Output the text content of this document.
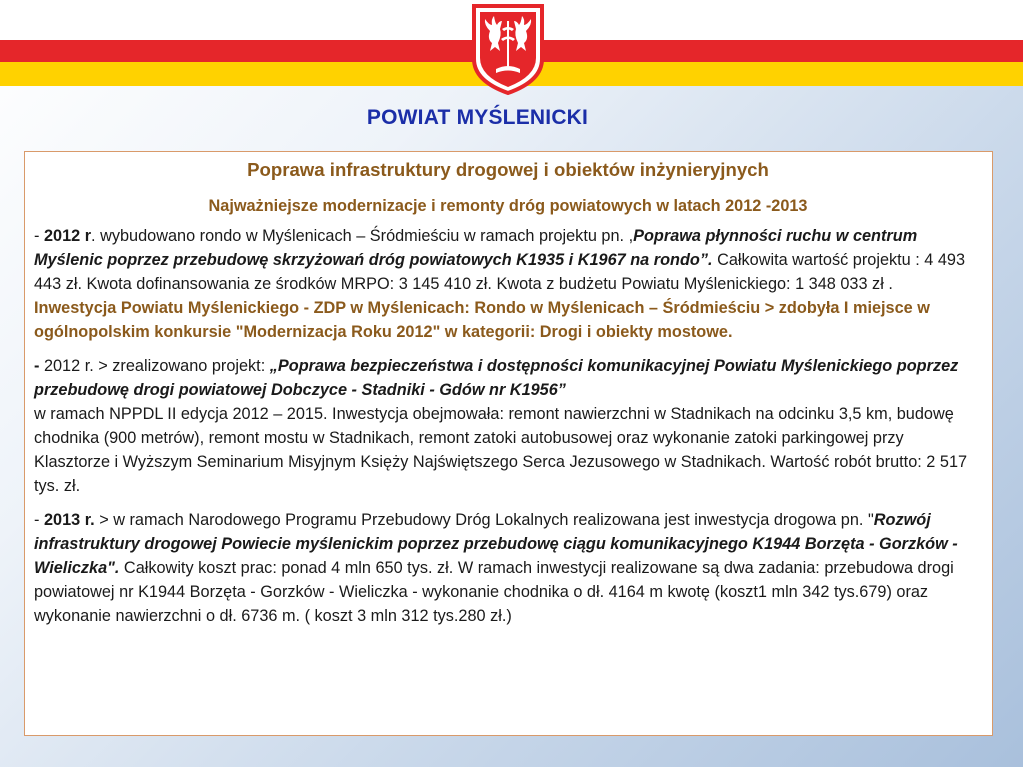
POWIAT MYŚLENICKI
Poprawa infrastruktury drogowej i obiektów inżynieryjnych
Najważniejsze modernizacje i remonty dróg powiatowych w latach 2012 -2013

- 2012 r. wybudowano rondo w Myślenicach – Śródmieściu w ramach projektu pn. ,Poprawa płynności ruchu w centrum Myślenic poprzez przebudowę skrzyżowań dróg powiatowych K1935 i K1967 na rondo”. Całkowita wartość projektu : 4 493 443 zł. Kwota dofinansowania ze środków MRPO: 3 145 410 zł. Kwota z budżetu Powiatu Myślenickiego: 1 348 033 zł .

Inwestycja Powiatu Myślenickiego - ZDP w Myślenicach: Rondo w Myślenicach – Śródmieściu > zdobyła I miejsce w ogólnopolskim konkursie "Modernizacja Roku 2012" w kategorii: Drogi i obiekty mostowe.

- 2012 r. > zrealizowano projekt: „Poprawa bezpieczeństwa i dostępności komunikacyjnej Powiatu Myślenickiego poprzez przebudowę drogi powiatowej Dobczyce - Stadniki - Gdów nr K1956”
w ramach NPPDL II edycja 2012 – 2015. Inwestycja obejmowała: remont nawierzchni w Stadnikach na odcinku 3,5 km, budowę chodnika (900 metrów), remont mostu w Stadnikach, remont zatoki autobusowej oraz wykonanie zatoki parkingowej przy Klasztorze i Wyższym Seminarium Misyjnym Księży Najświętszego Serca Jezusowego w Stadnikach. Wartość robót brutto: 2 517 tys. zł.

- 2013 r. > w ramach Narodowego Programu Przebudowy Dróg Lokalnych realizowana jest inwestycja drogowa pn. "Rozwój infrastruktury drogowej Powiecie myślenickim poprzez przebudowę ciągu komunikacyjnego K1944 Borzęta - Gorzków - Wieliczka". Całkowity koszt prac: ponad 4 mln 650 tys. zł. W ramach inwestycji realizowane są dwa zadania: przebudowa drogi powiatowej nr K1944 Borzęta - Gorzków - Wieliczka - wykonanie chodnika o dł. 4164 m kwotę (koszt1 mln 342 tys.679) oraz wykonanie nawierzchni o dł. 6736 m. ( koszt 3 mln 312 tys.280 zł.)
